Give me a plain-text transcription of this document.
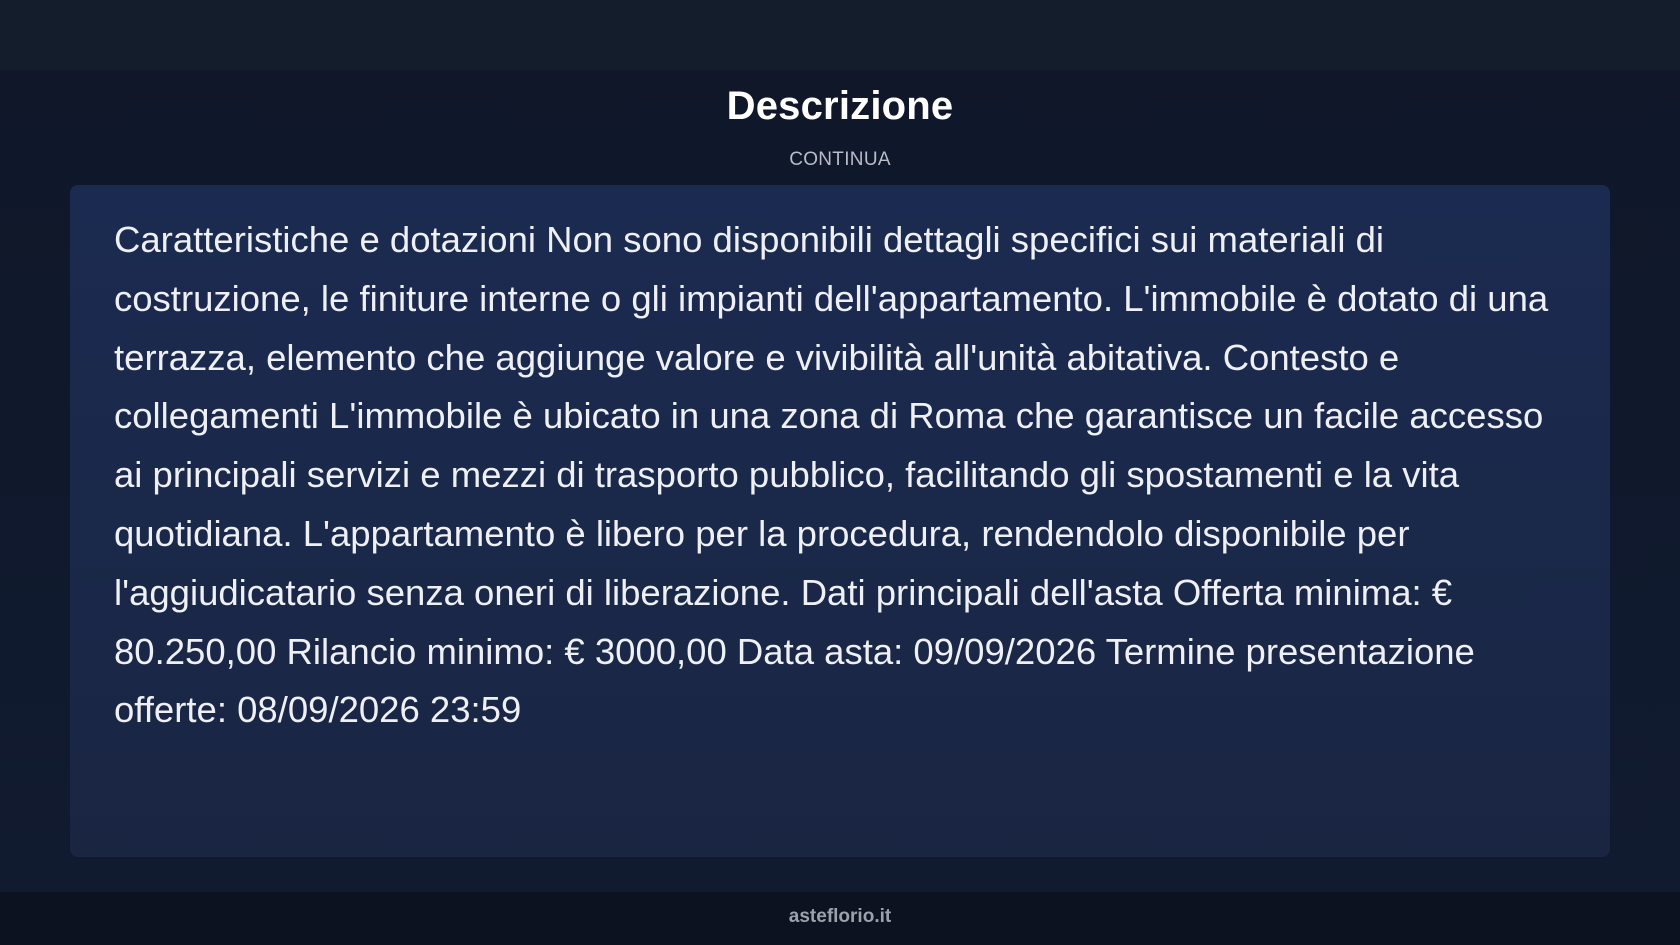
Descrizione
CONTINUA

Caratteristiche e dotazioni Non sono disponibili dettagli specifici sui materiali di costruzione, le finiture interne o gli impianti dell'appartamento. L'immobile è dotato di una terrazza, elemento che aggiunge valore e vivibilità all'unità abitativa. Contesto e collegamenti L'immobile è ubicato in una zona di Roma che garantisce un facile accesso ai principali servizi e mezzi di trasporto pubblico, facilitando gli spostamenti e la vita quotidiana. L'appartamento è libero per la procedura, rendendolo disponibile per l'aggiudicatario senza oneri di liberazione. Dati principali dell'asta Offerta minima: € 80.250,00 Rilancio minimo: € 3000,00 Data asta: 09/09/2026 Termine presentazione offerte: 08/09/2026 23:59

asteflorio.it
